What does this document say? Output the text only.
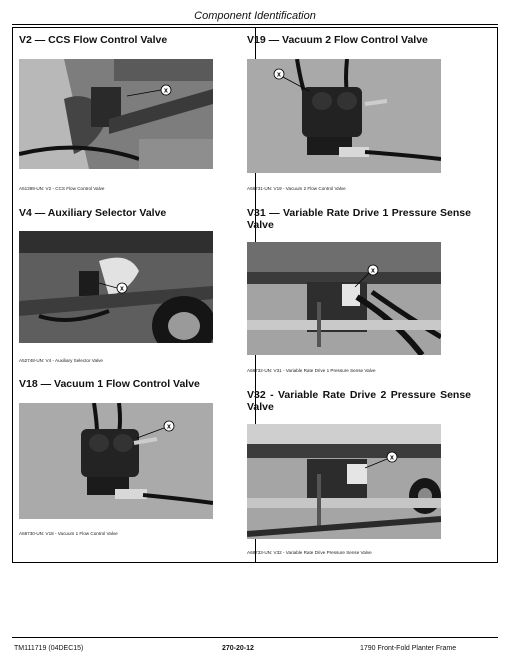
Component Identification
V2 — CCS Flow Control Valve
x
A51399-UN: V2 - CCS Flow Control Valve
V19 — Vacuum 2 Flow Control Valve
x
A68731-UN: V19 - Vacuum 2 Flow Control Valve
V4 — Auxiliary Selector Valve
x
A52748-UN: V4 - Auxiliary Selector Valve
V31 — Variable Rate Drive 1 Pressure Sense Valve
x
A68732-UN: V31 - Variable Rate Drive 1 Pressure Sense Valve
V18 — Vacuum 1 Flow Control Valve
x
A68730-UN: V18 - Vacuum 1 Flow Control Valve
V32 - Variable Rate Drive 2 Pressure Sense Valve
x
A68733-UN: V32 - Variable Rate Drive Pressure Sense Valve
TM111719 (04DEC15)	270-20-12	1790 Front-Fold Planter Frame
